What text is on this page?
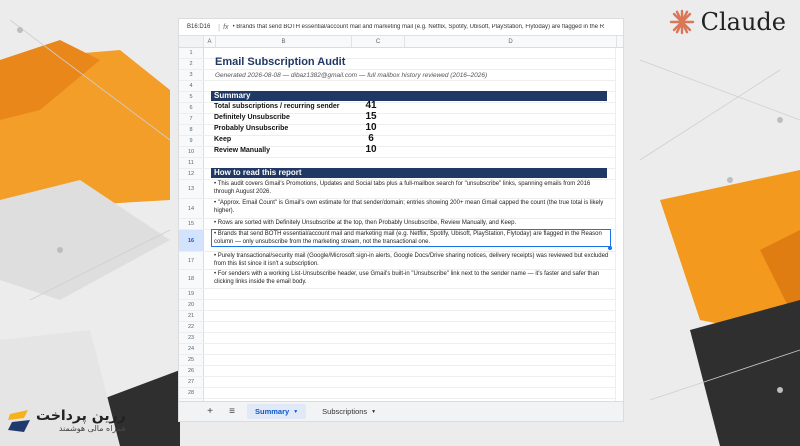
Claude
زرین پرداخت
همراه مالی هوشمند
B16:D16 | fx • Brands that send BOTH essential/account mail and marketing mail (e.g. Netflix, Spotify, Ubisoft, PlayStation, Flytoday) are flagged in the R
A	B	C	D
1
2
3
4
5
6
7
8
9
10
11
12
13
14
15
16
17
18
19
20
21
22
23
24
25
26
27
28
Email Subscription Audit
Generated 2026-08-08 — dibaz1382@gmail.com — full mailbox history reviewed (2016–2026)
Summary
Total subscriptions / recurring sender	41
Definitely Unsubscribe	15
Probably Unsubscribe	10
Keep	6
Review Manually	10
How to read this report
• This audit covers Gmail's Promotions, Updates and Social tabs plus a full-mailbox search for "unsubscribe" links, spanning emails from 2016 through August 2026.
• "Approx. Email Count" is Gmail's own estimate for that sender/domain; entries showing 200+ mean Gmail capped the count (the true total is likely higher).
• Rows are sorted with Definitely Unsubscribe at the top, then Probably Unsubscribe, Review Manually, and Keep.
• Brands that send BOTH essential/account mail and marketing mail (e.g. Netflix, Spotify, Ubisoft, PlayStation, Flytoday) are flagged in the Reason column — only unsubscribe from the marketing stream, not the transactional one.
• Purely transactional/security mail (Google/Microsoft sign-in alerts, Google Docs/Drive sharing notices, delivery receipts) was reviewed but excluded from this list since it isn't a subscription.
• For senders with a working List-Unsubscribe header, use Gmail's built-in "Unsubscribe" link next to the sender name — it's faster and safer than clicking links inside the email body.
+	≡	Summary ▼	Subscriptions ▼
